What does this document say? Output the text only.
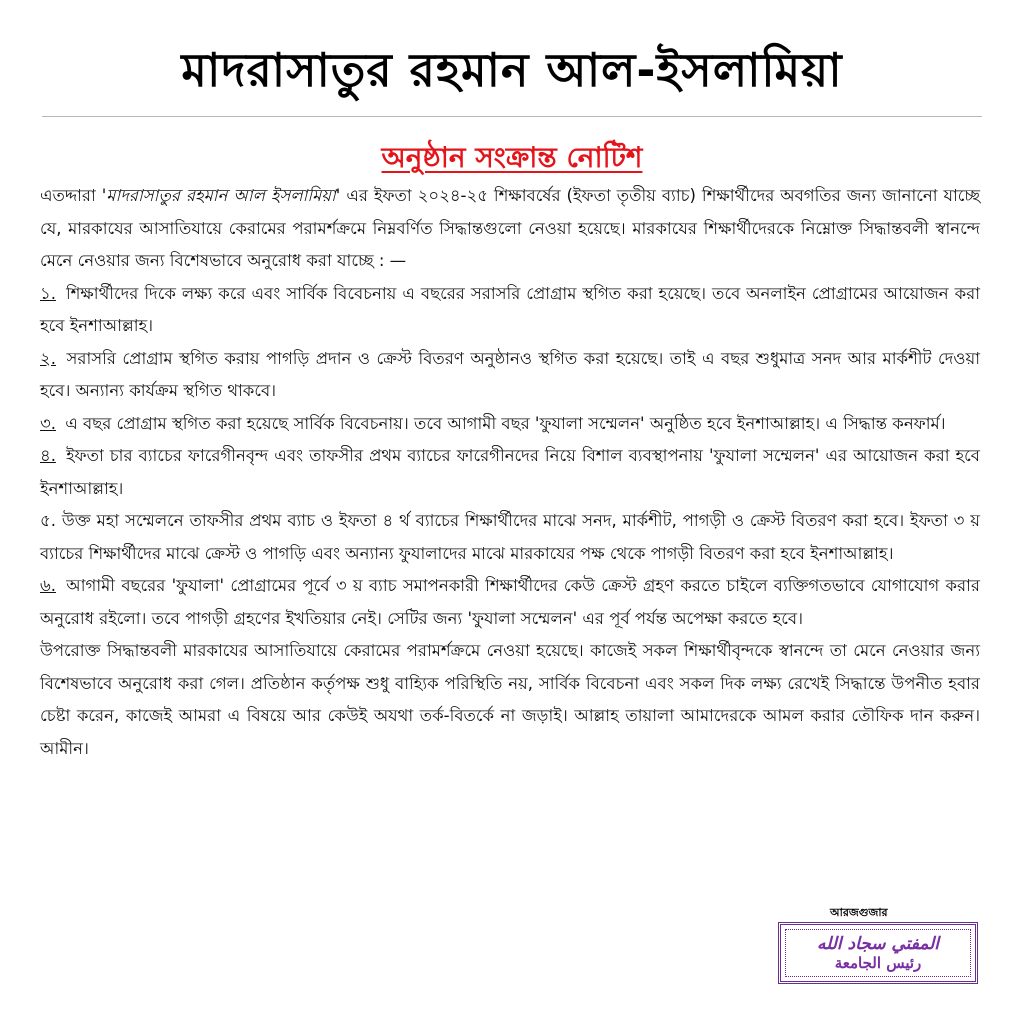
মাদরাসাতুর রহমান আল-ইসলামিয়া
অনুষ্ঠান সংক্রান্ত নোটিশ

এতদ্দারা 'মাদরাসাতুর রহমান আল ইসলামিয়া' এর ইফতা ২০২৪-২৫ শিক্ষাবর্ষের (ইফতা তৃতীয় ব্যাচ) শিক্ষার্থীদের অবগতির জন্য জানানো যাচ্ছে যে, মারকাযের আসাতিযায়ে কেরামের পরামর্শক্রমে নিম্নবর্ণিত সিদ্ধান্তগুলো নেওয়া হয়েছে। মারকাযের শিক্ষার্থীদেরকে নিম্নোক্ত সিদ্ধান্তবলী স্বানন্দে মেনে নেওয়ার জন্য বিশেষভাবে অনুরোধ করা যাচ্ছে : —

১. শিক্ষার্থীদের দিকে লক্ষ্য করে এবং সার্বিক বিবেচনায় এ বছরের সরাসরি প্রোগ্রাম স্থগিত করা হয়েছে। তবে অনলাইন প্রোগ্রামের আয়োজন করা হবে ইনশাআল্লাহ।

২. সরাসরি প্রোগ্রাম স্থগিত করায় পাগড়ি প্রদান ও ক্রেস্ট বিতরণ অনুষ্ঠানও স্থগিত করা হয়েছে। তাই এ বছর শুধুমাত্র সনদ আর মার্কশীট দেওয়া হবে। অন্যান্য কার্যক্রম স্থগিত থাকবে।

৩. এ বছর প্রোগ্রাম স্থগিত করা হয়েছে সার্বিক বিবেচনায়। তবে আগামী বছর 'ফুযালা সম্মেলন' অনুষ্ঠিত হবে ইনশাআল্লাহ। এ সিদ্ধান্ত কনফার্ম।

৪. ইফতা চার ব্যাচের ফারেগীনবৃন্দ এবং তাফসীর প্রথম ব্যাচের ফারেগীনদের নিয়ে বিশাল ব্যবস্থাপনায় 'ফুযালা সম্মেলন' এর আয়োজন করা হবে ইনশাআল্লাহ।

৫. উক্ত মহা সম্মেলনে তাফসীর প্রথম ব্যাচ ও ইফতা ৪ র্থ ব্যাচের শিক্ষার্থীদের মাঝে সনদ, মার্কশীট, পাগড়ী ও ক্রেস্ট বিতরণ করা হবে। ইফতা ৩ য় ব্যাচের শিক্ষার্থীদের মাঝে ক্রেস্ট ও পাগড়ি এবং অন্যান্য ফুযালাদের মাঝে মারকাযের পক্ষ থেকে পাগড়ী বিতরণ করা হবে ইনশাআল্লাহ।

৬. আগামী বছরের 'ফুযালা' প্রোগ্রামের পূর্বে ৩ য় ব্যাচ সমাপনকারী শিক্ষার্থীদের কেউ ক্রেস্ট গ্রহণ করতে চাইলে ব্যক্তিগতভাবে যোগাযোগ করার অনুরোধ রইলো। তবে পাগড়ী গ্রহণের ইখতিয়ার নেই। সেটির জন্য 'ফুযালা সম্মেলন' এর পূর্ব পর্যন্ত অপেক্ষা করতে হবে।

উপরোক্ত সিদ্ধান্তবলী মারকাযের আসাতিযায়ে কেরামের পরামর্শক্রমে নেওয়া হয়েছে। কাজেই সকল শিক্ষার্থীবৃন্দকে স্বানন্দে তা মেনে নেওয়ার জন্য বিশেষভাবে অনুরোধ করা গেল। প্রতিষ্ঠান কর্তৃপক্ষ শুধু বাহ্যিক পরিস্থিতি নয়, সার্বিক বিবেচনা এবং সকল দিক লক্ষ্য রেখেই সিদ্ধান্তে উপনীত হবার চেষ্টা করেন, কাজেই আমরা এ বিষয়ে আর কেউই অযথা তর্ক-বিতর্কে না জড়াই। আল্লাহ তায়ালা আমাদেরকে আমল করার তৌফিক দান করুন। আমীন।

আরজগুজার
المفتي سجاد الله
رئيس الجامعة
